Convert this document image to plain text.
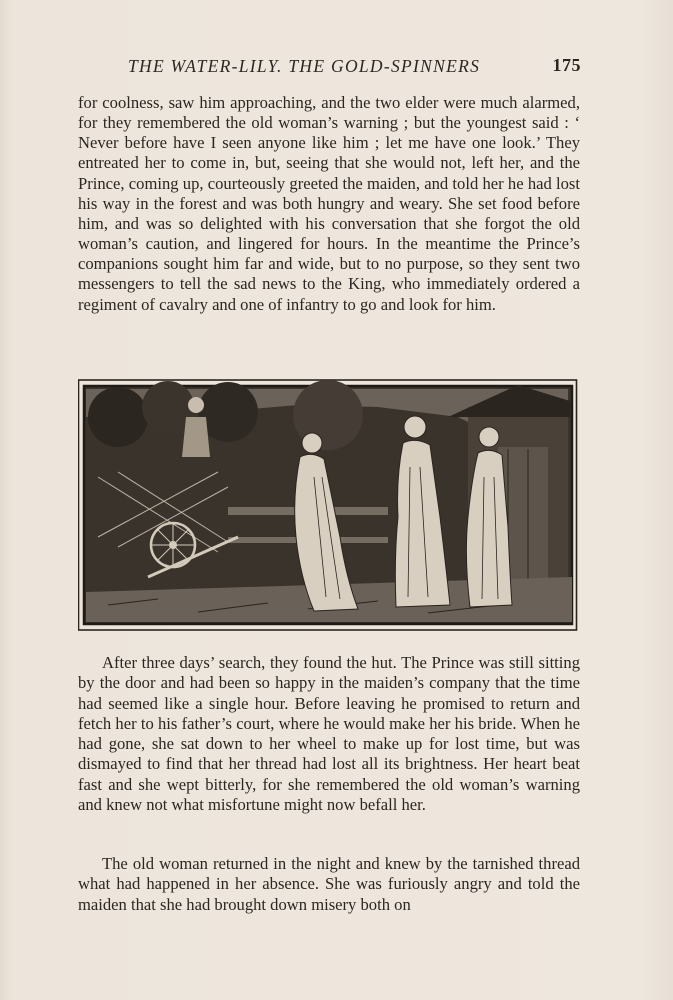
THE WATER-LILY. THE GOLD-SPINNERS	175

for coolness, saw him approaching, and the two elder were much alarmed, for they remembered the old woman’s warning ; but the youngest said : ‘ Never before have I seen anyone like him ; let me have one look.’ They entreated her to come in, but, seeing that she would not, left her, and the Prince, coming up, courteously greeted the maiden, and told her he had lost his way in the forest and was both hungry and weary. She set food before him, and was so delighted with his conversation that she forgot the old woman’s caution, and lingered for hours. In the meantime the Prince’s companions sought him far and wide, but to no purpose, so they sent two messengers to tell the sad news to the King, who immediately ordered a regiment of cavalry and one of infantry to go and look for him.

After three days’ search, they found the hut. The Prince was still sitting by the door and had been so happy in the maiden’s company that the time had seemed like a single hour. Before leaving he promised to return and fetch her to his father’s court, where he would make her his bride. When he had gone, she sat down to her wheel to make up for lost time, but was dismayed to find that her thread had lost all its brightness. Her heart beat fast and she wept bitterly, for she remembered the old woman’s warning and knew not what misfortune might now befall her.

The old woman returned in the night and knew by the tarnished thread what had happened in her absence. She was furiously angry and told the maiden that she had brought down misery both on
